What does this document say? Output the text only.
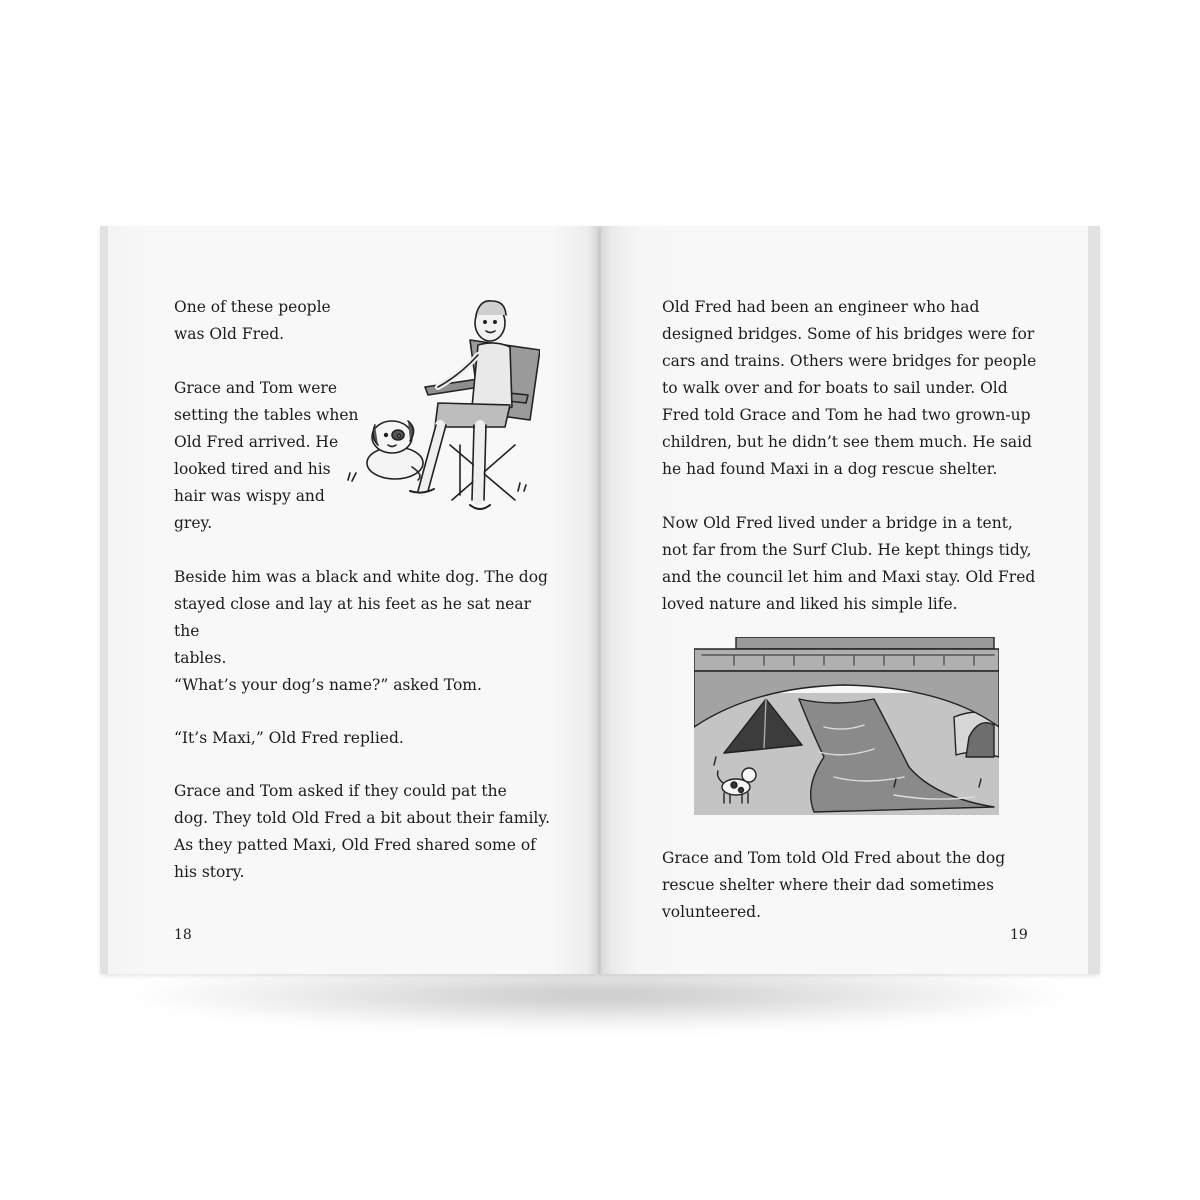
One of these people
was Old Fred.
Grace and Tom were
setting the tables when
Old Fred arrived. He
looked tired and his
hair was wispy and
grey.
Beside him was a black and white dog. The dog
stayed close and lay at his feet as he sat near the
tables.
“What’s your dog’s name?” asked Tom.
“It’s Maxi,” Old Fred replied.
Grace and Tom asked if they could pat the
dog. They told Old Fred a bit about their family.
As they patted Maxi, Old Fred shared some of
his story.
18
Old Fred had been an engineer who had
designed bridges. Some of his bridges were for
cars and trains. Others were bridges for people
to walk over and for boats to sail under. Old
Fred told Grace and Tom he had two grown-up
children, but he didn’t see them much. He said
he had found Maxi in a dog rescue shelter.
Now Old Fred lived under a bridge in a tent,
not far from the Surf Club. He kept things tidy,
and the council let him and Maxi stay. Old Fred
loved nature and liked his simple life.
Grace and Tom told Old Fred about the dog
rescue shelter where their dad sometimes
volunteered.
19
